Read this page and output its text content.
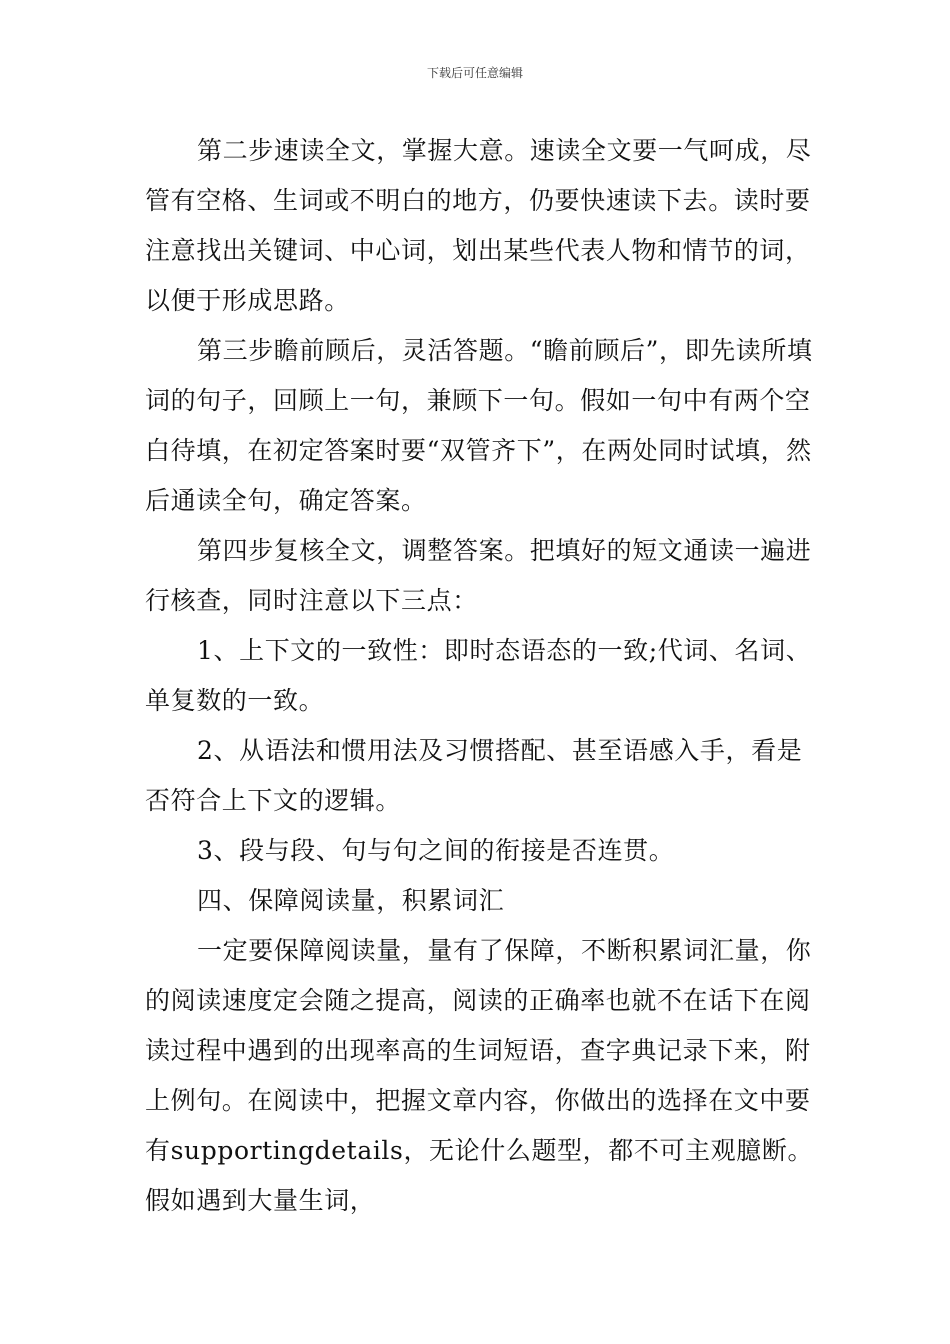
下载后可任意编辑

第二步速读全文，掌握大意。速读全文要一气呵成，尽管有空格、生词或不明白的地方，仍要快速读下去。读时要注意找出关键词、中心词，划出某些代表人物和情节的词，以便于形成思路。

第三步瞻前顾后，灵活答题。“瞻前顾后”，即先读所填词的句子，回顾上一句，兼顾下一句。假如一句中有两个空白待填，在初定答案时要“双管齐下”，在两处同时试填，然后通读全句，确定答案。

第四步复核全文，调整答案。把填好的短文通读一遍进行核查，同时注意以下三点：

1、上下文的一致性：即时态语态的一致;代词、名词、单复数的一致。

2、从语法和惯用法及习惯搭配、甚至语感入手，看是否符合上下文的逻辑。

3、段与段、句与句之间的衔接是否连贯。

四、保障阅读量，积累词汇

一定要保障阅读量，量有了保障，不断积累词汇量，你的阅读速度定会随之提高，阅读的正确率也就不在话下在阅读过程中遇到的出现率高的生词短语，查字典记录下来，附上例句。在阅读中，把握文章内容，你做出的选择在文中要有supportingdetails，无论什么题型，都不可主观臆断。假如遇到大量生词，
